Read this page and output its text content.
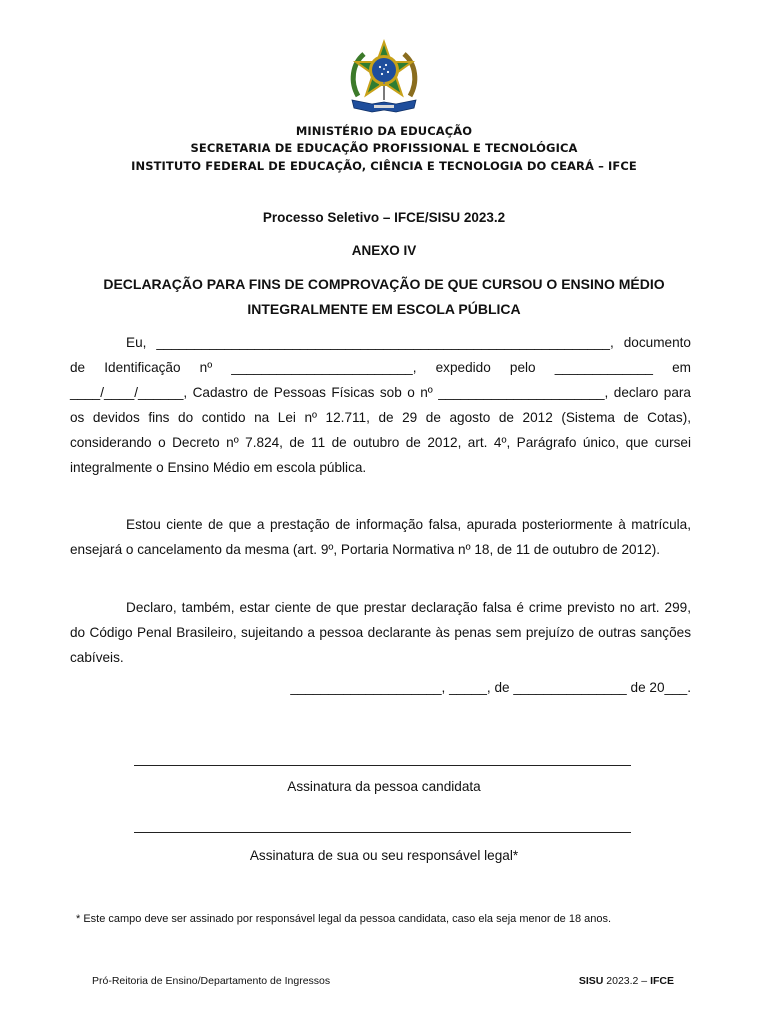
MINISTÉRIO DA EDUCAÇÃO
SECRETARIA DE EDUCAÇÃO PROFISSIONAL E TECNOLÓGICA
INSTITUTO FEDERAL DE EDUCAÇÃO, CIÊNCIA E TECNOLOGIA DO CEARÁ – IFCE
Processo Seletivo – IFCE/SISU 2023.2
ANEXO IV
DECLARAÇÃO PARA FINS DE COMPROVAÇÃO DE QUE CURSOU O ENSINO MÉDIO INTEGRALMENTE EM ESCOLA PÚBLICA

Eu, ____________________________________________________________, documento de Identificação nº ________________________, expedido pelo _____________ em ____/____/______, Cadastro de Pessoas Físicas sob o nº ______________________, declaro para os devidos fins do contido na Lei nº 12.711, de 29 de agosto de 2012 (Sistema de Cotas), considerando o Decreto nº 7.824, de 11 de outubro de 2012, art. 4º, Parágrafo único, que cursei integralmente o Ensino Médio em escola pública.

Estou ciente de que a prestação de informação falsa, apurada posteriormente à matrícula, ensejará o cancelamento da mesma (art. 9º, Portaria Normativa nº 18, de 11 de outubro de 2012).

Declaro, também, estar ciente de que prestar declaração falsa é crime previsto no art. 299, do Código Penal Brasileiro, sujeitando a pessoa declarante às penas sem prejuízo de outras sanções cabíveis.

____________________, _____, de _______________ de 20___.
Assinatura da pessoa candidata
Assinatura de sua ou seu responsável legal*

* Este campo deve ser assinado por responsável legal da pessoa candidata, caso ela seja menor de 18 anos.

Pró-Reitoria de Ensino/Departamento de Ingressos	SISU 2023.2 – IFCE
